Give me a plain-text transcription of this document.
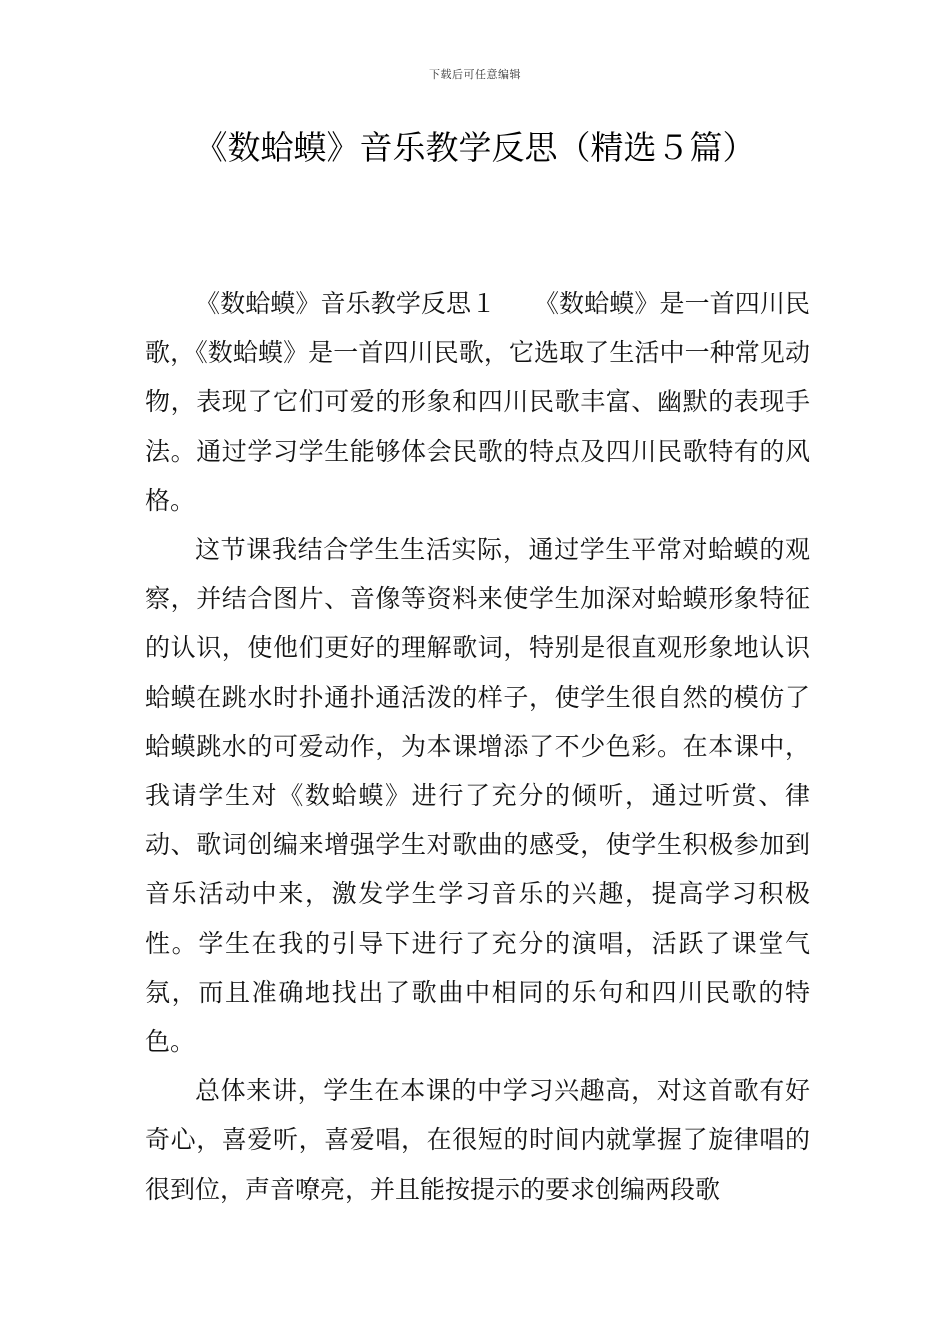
下载后可任意编辑
《数蛤蟆》音乐教学反思（精选５篇）

《数蛤蟆》音乐教学反思１　　《数蛤蟆》是一首四川民歌，《数蛤蟆》是一首四川民歌，它选取了生活中一种常见动物，表现了它们可爱的形象和四川民歌丰富、幽默的表现手法。通过学习学生能够体会民歌的特点及四川民歌特有的风格。

这节课我结合学生生活实际，通过学生平常对蛤蟆的观察，并结合图片、音像等资料来使学生加深对蛤蟆形象特征的认识，使他们更好的理解歌词，特别是很直观形象地认识蛤蟆在跳水时扑通扑通活泼的样子，使学生很自然的模仿了蛤蟆跳水的可爱动作，为本课增添了不少色彩。在本课中，我请学生对《数蛤蟆》进行了充分的倾听，通过听赏、律动、歌词创编来增强学生对歌曲的感受，使学生积极参加到音乐活动中来，激发学生学习音乐的兴趣，提高学习积极性。学生在我的引导下进行了充分的演唱，活跃了课堂气氛，而且准确地找出了歌曲中相同的乐句和四川民歌的特色。

总体来讲，学生在本课的中学习兴趣高，对这首歌有好奇心，喜爱听，喜爱唱，在很短的时间内就掌握了旋律唱的很到位，声音嘹亮，并且能按提示的要求创编两段歌
